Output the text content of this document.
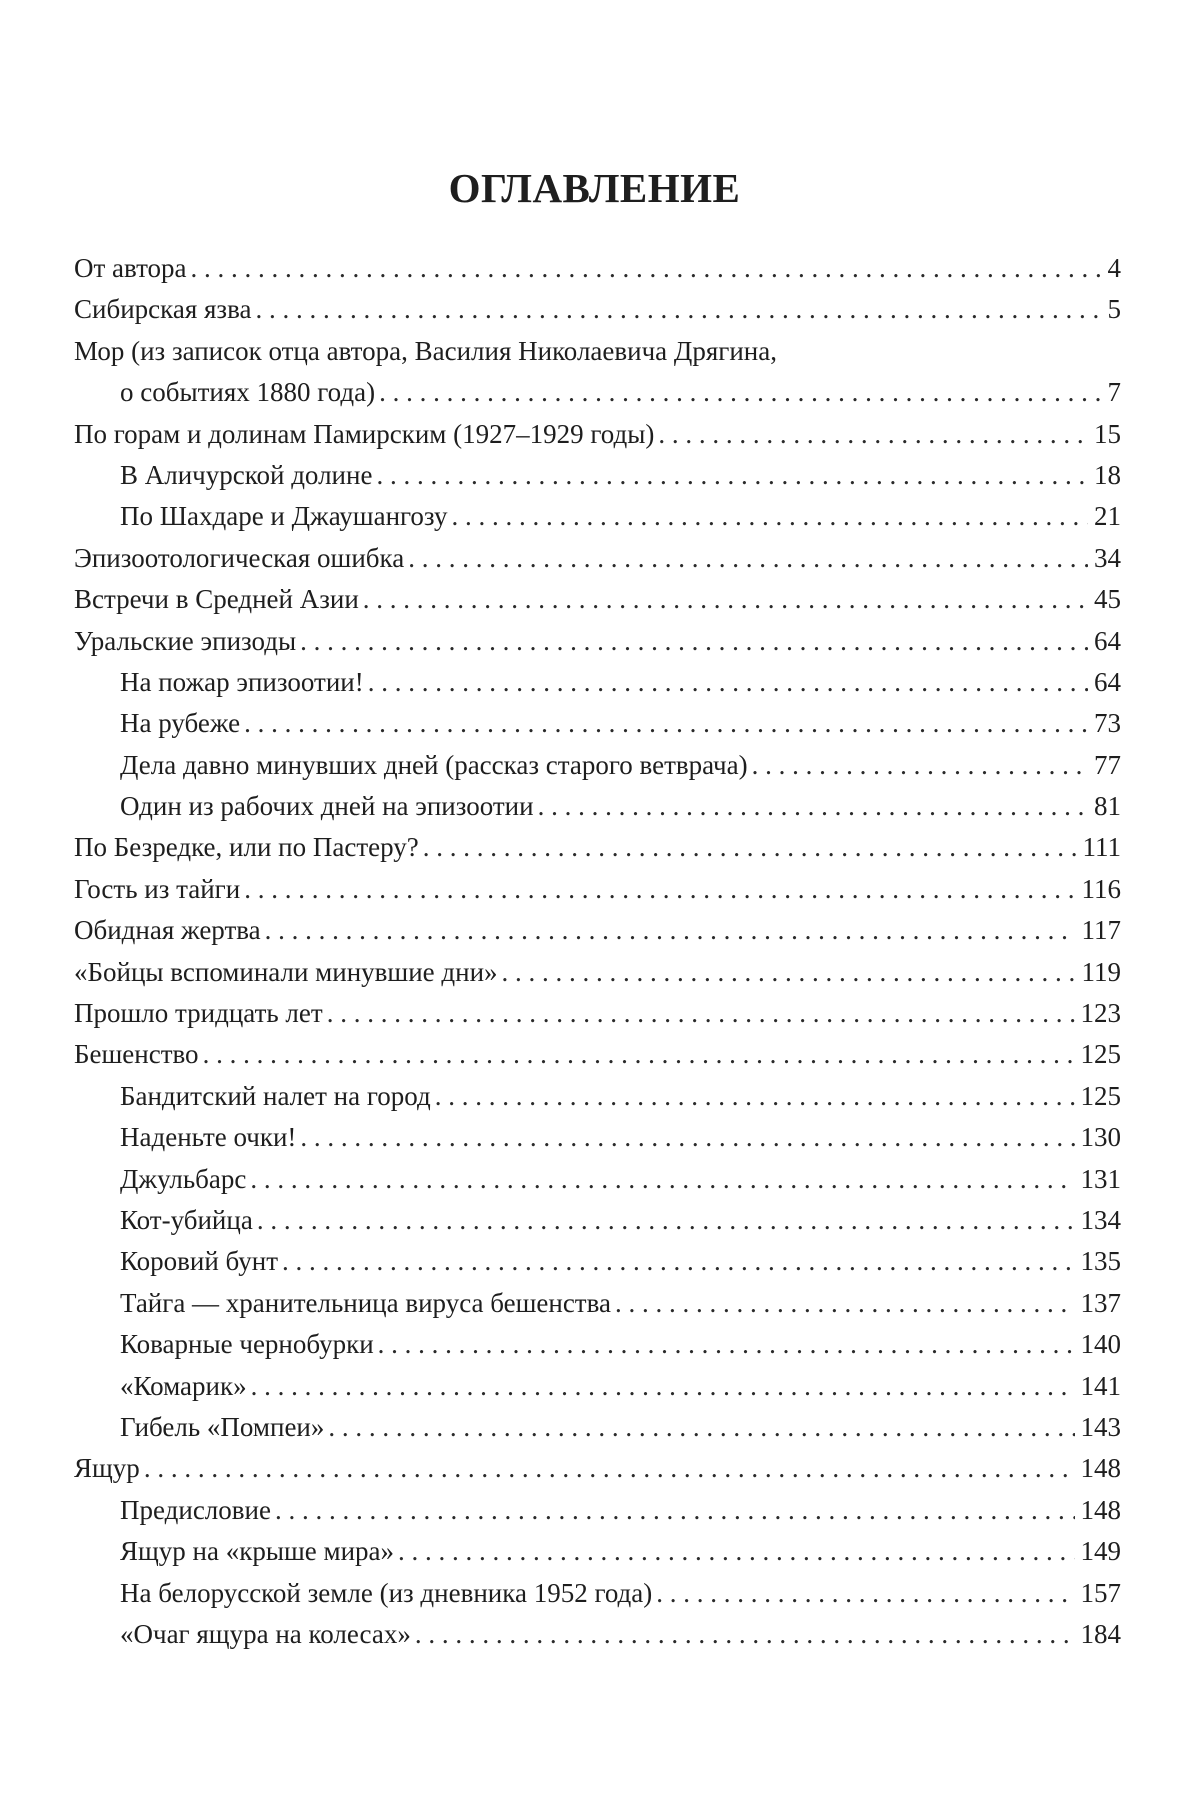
ОГЛАВЛЕНИЕ
От автора . . .	4
Сибирская язва . . .	5
Мор (из записок отца автора, Василия Николаевича Дрягина,
о событиях 1880 года) . . .	7
По горам и долинам Памирским (1927–1929 годы) . . .	15
В Аличурской долине . . .	18
По Шахдаре и Джаушангозу . . .	21
Эпизоотологическая ошибка . . .	34
Встречи в Средней Азии . . .	45
Уральские эпизоды . . .	64
На пожар эпизоотии! . . .	64
На рубеже . . .	73
Дела давно минувших дней (рассказ старого ветврача) . . .	77
Один из рабочих дней на эпизоотии . . .	81
По Безредке, или по Пастеру? . . .	111
Гость из тайги . . .	116
Обидная жертва . . .	117
«Бойцы вспоминали минувшие дни» . . .	119
Прошло тридцать лет . . .	123
Бешенство . . .	125
Бандитский налет на город . . .	125
Наденьте очки! . . .	130
Джульбарс . . .	131
Кот-убийца . . .	134
Коровий бунт . . .	135
Тайга — хранительница вируса бешенства . . .	137
Коварные чернобурки . . .	140
«Комарик» . . .	141
Гибель «Помпеи» . . .	143
Ящур . . .	148
Предисловие . . .	148
Ящур на «крыше мира» . . .	149
На белорусской земле (из дневника 1952 года) . . .	157
«Очаг ящура на колесах» . . .	184
